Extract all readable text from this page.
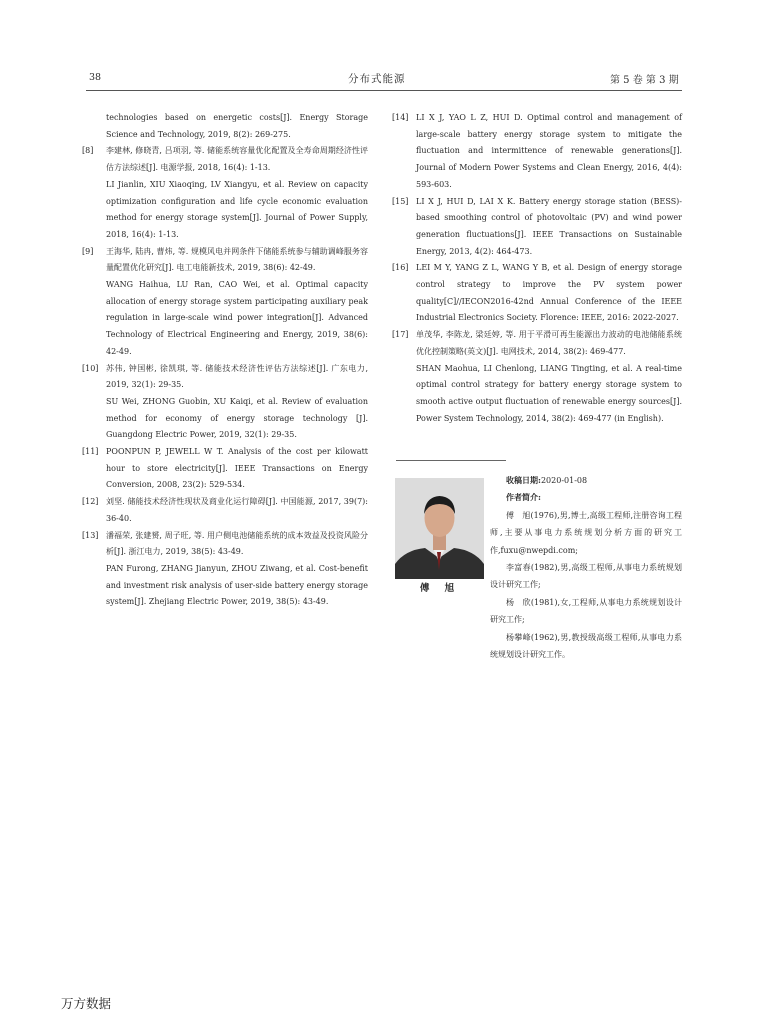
38	分布式能源	第 5 卷 第 3 期

technologies based on energetic costs[J]. Energy Storage Science and Technology, 2019, 8(2): 269-275.

[8] 李建林, 修晓青, 吕项羽, 等. 储能系统容量优化配置及全寿命周期经济性评估方法综述[J]. 电源学报, 2018, 16(4): 1-13.

LI Jianlin, XIU Xiaoqing, LV Xiangyu, et al. Review on capacity optimization configuration and life cycle economic evaluation method for energy storage system[J]. Journal of Power Supply, 2018, 16(4): 1-13.

[9] 王海华, 陆冉, 曹炜, 等. 规模风电并网条件下储能系统参与辅助调峰服务容量配置优化研究[J]. 电工电能新技术, 2019, 38(6): 42-49.

WANG Haihua, LU Ran, CAO Wei, et al. Optimal capacity allocation of energy storage system participating auxiliary peak regulation in large-scale wind power integration[J]. Advanced Technology of Electrical Engineering and Energy, 2019, 38(6): 42-49.

[10] 苏伟, 钟国彬, 徐凯琪, 等. 储能技术经济性评估方法综述[J]. 广东电力, 2019, 32(1): 29-35.

SU Wei, ZHONG Guobin, XU Kaiqi, et al. Review of evaluation method for economy of energy storage technology [J]. Guangdong Electric Power, 2019, 32(1): 29-35.

[11] POONPUN P, JEWELL W T. Analysis of the cost per kilowatt hour to store electricity[J]. IEEE Transactions on Energy Conversion, 2008, 23(2): 529-534.

[12] 刘坚. 储能技术经济性现状及商业化运行障碍[J]. 中国能源, 2017, 39(7): 36-40.

[13] 潘福荣, 张建赟, 周子旺, 等. 用户侧电池储能系统的成本效益及投资风险分析[J]. 浙江电力, 2019, 38(5): 43-49.

PAN Furong, ZHANG Jianyun, ZHOU Ziwang, et al. Cost-benefit and investment risk analysis of user-side battery energy storage system[J]. Zhejiang Electric Power, 2019, 38(5): 43-49.

[14] LI X J, YAO L Z, HUI D. Optimal control and management of large-scale battery energy storage system to mitigate the fluctuation and intermittence of renewable generations[J]. Journal of Modern Power Systems and Clean Energy, 2016, 4(4): 593-603.

[15] LI X J, HUI D, LAI X K. Battery energy storage station (BESS)-based smoothing control of photovoltaic (PV) and wind power generation fluctuations[J]. IEEE Transactions on Sustainable Energy, 2013, 4(2): 464-473.

[16] LEI M Y, YANG Z L, WANG Y B, et al. Design of energy storage control strategy to improve the PV system power quality[C]//IECON2016-42nd Annual Conference of the IEEE Industrial Electronics Society. Florence: IEEE, 2016: 2022-2027.

[17] 单茂华, 李陈龙, 梁廷婷, 等. 用于平滑可再生能源出力波动的电池储能系统优化控制策略(英文)[J]. 电网技术, 2014, 38(2): 469-477.

SHAN Maohua, LI Chenlong, LIANG Tingting, et al. A real-time optimal control strategy for battery energy storage system to smooth active output fluctuation of renewable energy sources[J]. Power System Technology, 2014, 38(2): 469-477 (in English).

傅 旭

收稿日期:2020-01-08

作者简介:

傅　旭(1976),男,博士,高级工程师,注册咨询工程师,主要从事电力系统规划分析方面的研究工作,fuxu@nwepdi.com;

李富春(1982),男,高级工程师,从事电力系统规划设计研究工作;

杨　欣(1981),女,工程师,从事电力系统规划设计研究工作;

杨攀峰(1962),男,教授级高级工程师,从事电力系统规划设计研究工作。

万方数据
